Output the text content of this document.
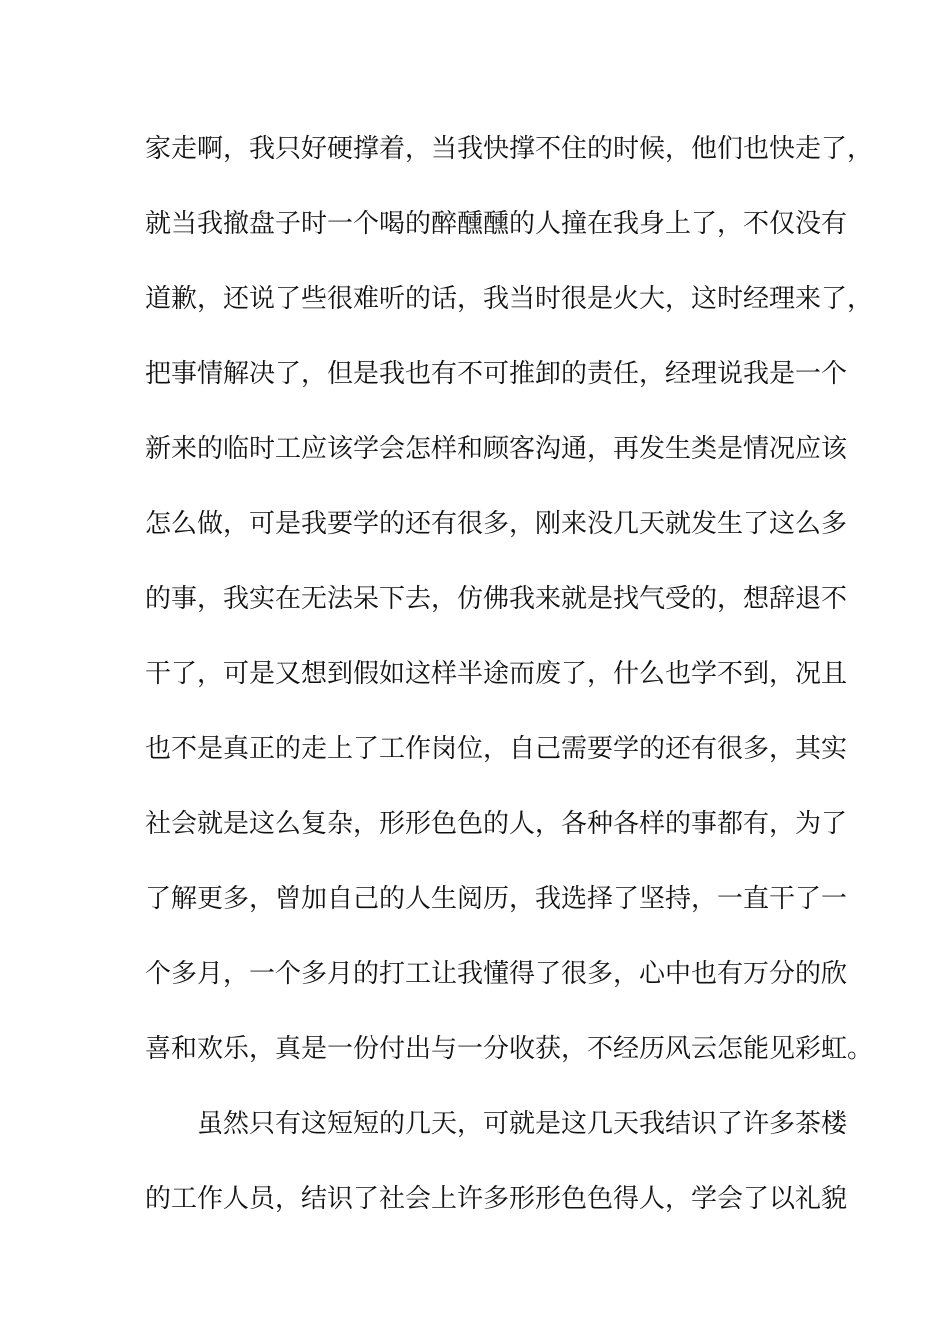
家走啊，我只好硬撑着，当我快撑不住的时候，他们也快走了，
就当我撤盘子时一个喝的醉醺醺的人撞在我身上了，不仅没有
道歉，还说了些很难听的话，我当时很是火大，这时经理来了，
把事情解决了，但是我也有不可推卸的责任，经理说我是一个
新来的临时工应该学会怎样和顾客沟通，再发生类是情况应该
怎么做，可是我要学的还有很多，刚来没几天就发生了这么多
的事，我实在无法呆下去，仿佛我来就是找气受的，想辞退不
干了，可是又想到假如这样半途而废了，什么也学不到，况且
也不是真正的走上了工作岗位，自己需要学的还有很多，其实
社会就是这么复杂，形形色色的人，各种各样的事都有，为了
了解更多，曾加自己的人生阅历，我选择了坚持，一直干了一
个多月，一个多月的打工让我懂得了很多，心中也有万分的欣
喜和欢乐，真是一份付出与一分收获，不经历风云怎能见彩虹。
虽然只有这短短的几天，可就是这几天我结识了许多茶楼
的工作人员，结识了社会上许多形形色色得人，学会了以礼貌
